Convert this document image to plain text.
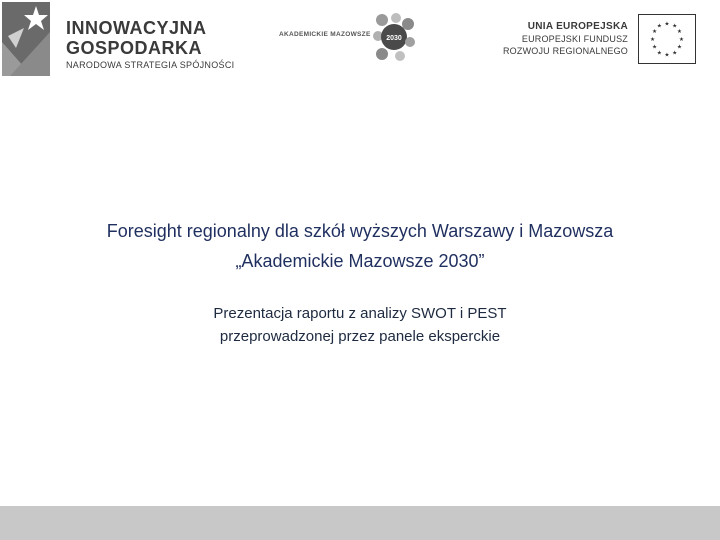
INNOWACYJNA
GOSPODARKA
NARODOWA STRATEGIA SPÓJNOŚCI
AKADEMICKIE MAZOWSZE
2030
UNIA EUROPEJSKA
EUROPEJSKI FUNDUSZ
ROZWOJU REGIONALNEGO
★ ★
★
★
★
★
★
★
★
★
★
★
Foresight regionalny dla szkół wyższych Warszawy i Mazowsza
„Akademickie Mazowsze 2030”
Prezentacja raportu z analizy SWOT i PEST
przeprowadzonej przez panele eksperckie
